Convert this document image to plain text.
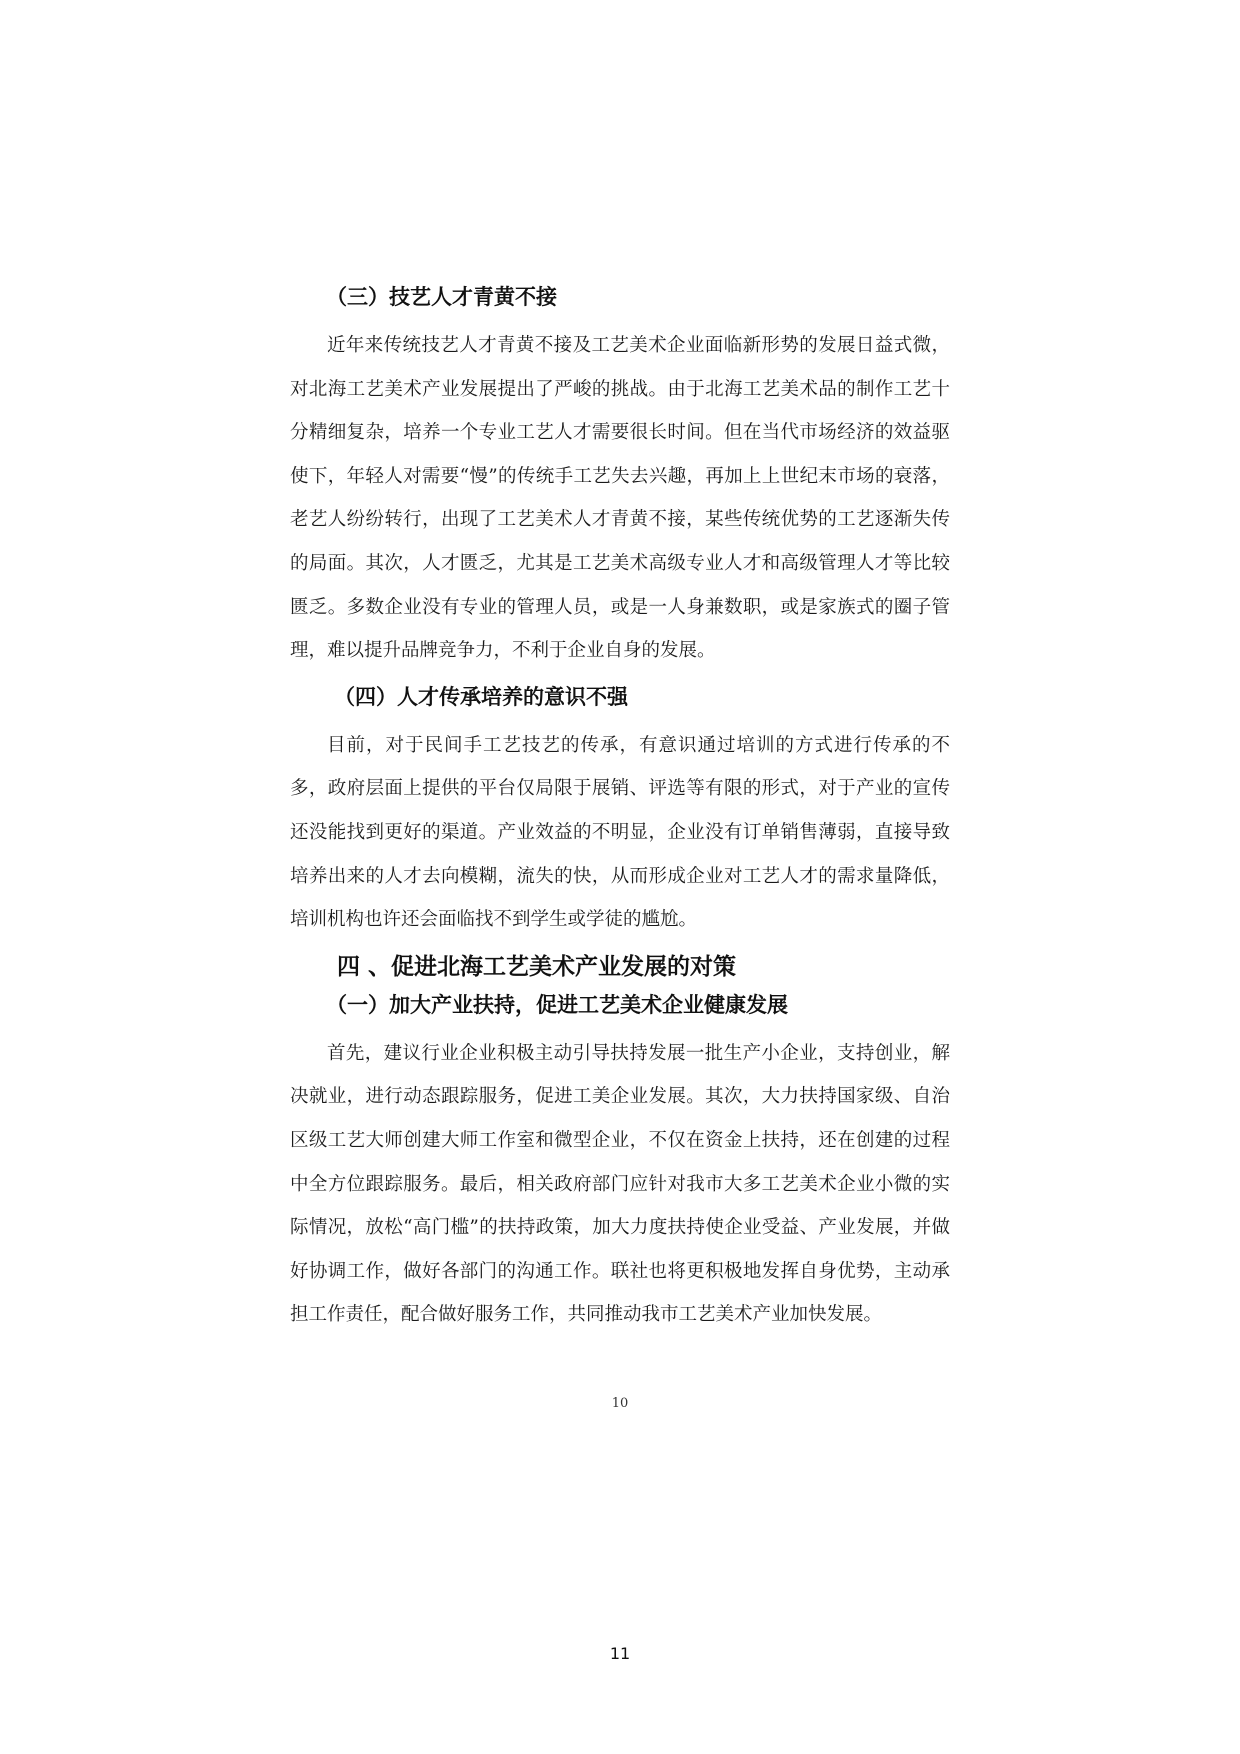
（三）技艺人才青黄不接

近年来传统技艺人才青黄不接及工艺美术企业面临新形势的发展日益式微，对北海工艺美术产业发展提出了严峻的挑战。由于北海工艺美术品的制作工艺十分精细复杂，培养一个专业工艺人才需要很长时间。但在当代市场经济的效益驱使下，年轻人对需要“慢”的传统手工艺失去兴趣，再加上上世纪末市场的衰落，老艺人纷纷转行，出现了工艺美术人才青黄不接，某些传统优势的工艺逐渐失传的局面。其次，人才匮乏，尤其是工艺美术高级专业人才和高级管理人才等比较匮乏。多数企业没有专业的管理人员，或是一人身兼数职，或是家族式的圈子管理，难以提升品牌竞争力，不利于企业自身的发展。

（四）人才传承培养的意识不强

目前，对于民间手工艺技艺的传承，有意识通过培训的方式进行传承的不多，政府层面上提供的平台仅局限于展销、评选等有限的形式，对于产业的宣传还没能找到更好的渠道。产业效益的不明显，企业没有订单销售薄弱，直接导致培养出来的人才去向模糊，流失的快，从而形成企业对工艺人才的需求量降低，培训机构也许还会面临找不到学生或学徒的尴尬。

四 、促进北海工艺美术产业发展的对策
（一）加大产业扶持，促进工艺美术企业健康发展

首先，建议行业企业积极主动引导扶持发展一批生产小企业，支持创业，解决就业，进行动态跟踪服务，促进工美企业发展。其次，大力扶持国家级、自治区级工艺大师创建大师工作室和微型企业，不仅在资金上扶持，还在创建的过程中全方位跟踪服务。最后，相关政府部门应针对我市大多工艺美术企业小微的实际情况，放松“高门槛”的扶持政策，加大力度扶持使企业受益、产业发展，并做好协调工作，做好各部门的沟通工作。联社也将更积极地发挥自身优势，主动承担工作责任，配合做好服务工作，共同推动我市工艺美术产业加快发展。

10
11
